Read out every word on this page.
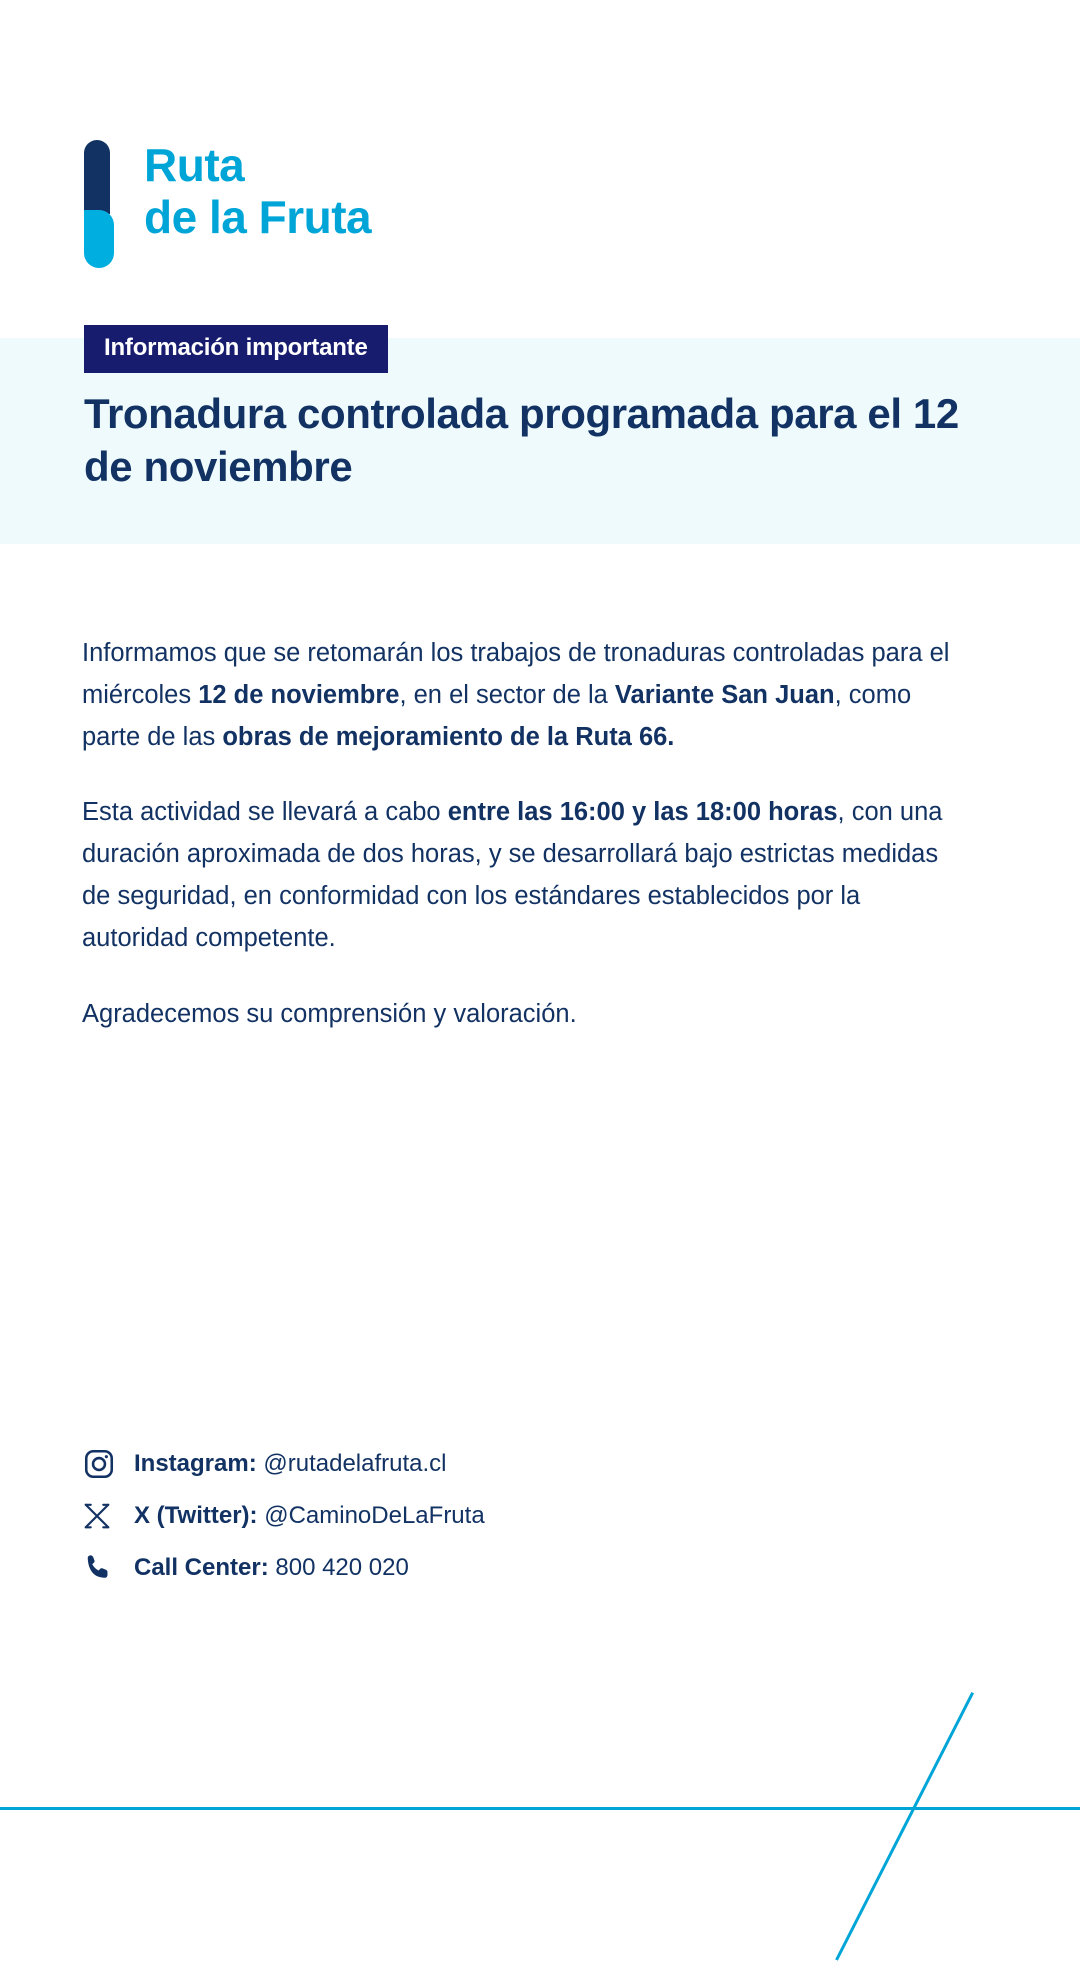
Ruta
de la Fruta
Información importante
Tronadura controlada programada para el 12 de noviembre

Informamos que se retomarán los trabajos de tronaduras controladas para el miércoles 12 de noviembre, en el sector de la Variante San Juan, como parte de las obras de mejoramiento de la Ruta 66.

Esta actividad se llevará a cabo entre las 16:00 y las 18:00 horas, con una duración aproximada de dos horas, y se desarrollará bajo estrictas medidas de seguridad, en conformidad con los estándares establecidos por la autoridad competente.

Agradecemos su comprensión y valoración.

Instagram: @rutadelafruta.cl
X (Twitter): @CaminoDeLaFruta
Call Center: 800 420 020
